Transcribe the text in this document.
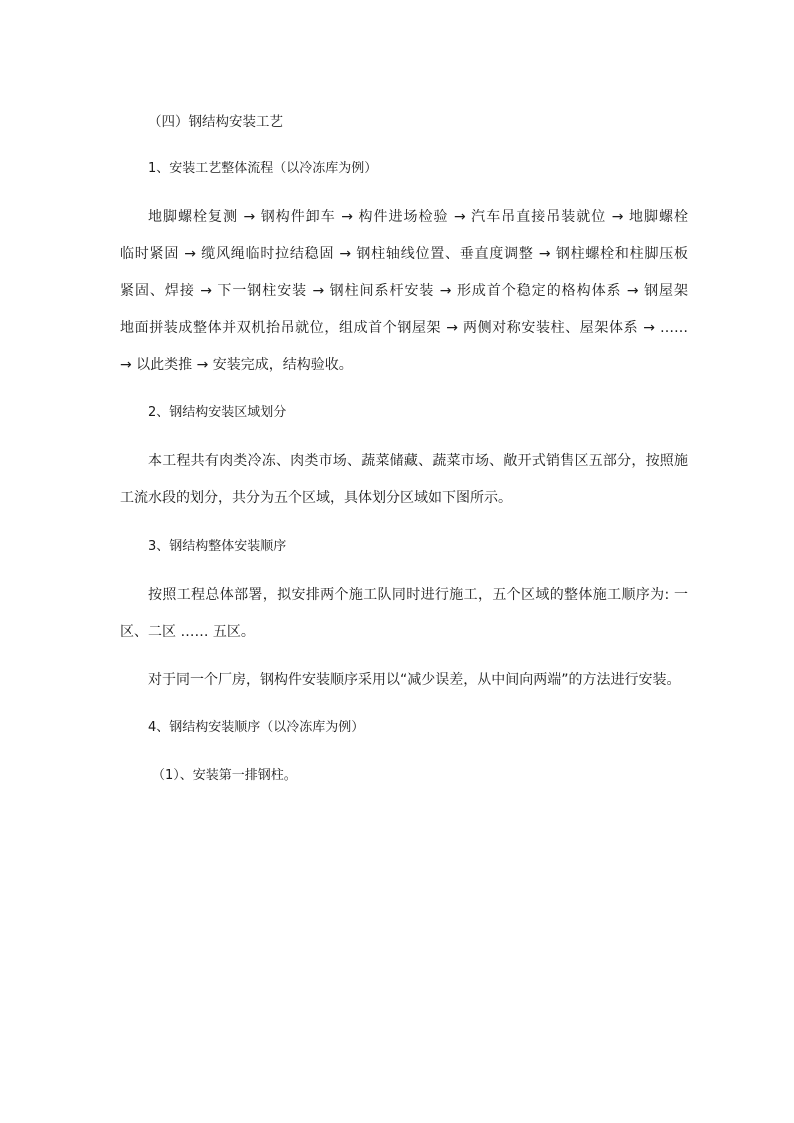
（四）钢结构安装工艺
1、安装工艺整体流程（以冷冻库为例）
地脚螺栓复测 → 钢构件卸车 → 构件进场检验 → 汽车吊直接吊装就位 → 地脚螺栓
临时紧固 → 缆风绳临时拉结稳固 → 钢柱轴线位置、垂直度调整 → 钢柱螺栓和柱脚压板
紧固、焊接 → 下一钢柱安装 → 钢柱间系杆安装 → 形成首个稳定的格构体系 → 钢屋架
地面拼装成整体并双机抬吊就位，组成首个钢屋架 → 两侧对称安装柱、屋架体系 → ……
→ 以此类推 → 安装完成，结构验收。
2、钢结构安装区域划分
本工程共有肉类冷冻、肉类市场、蔬菜储藏、蔬菜市场、敞开式销售区五部分，按照施
工流水段的划分，共分为五个区域，具体划分区域如下图所示。
3、钢结构整体安装顺序
按照工程总体部署，拟安排两个施工队同时进行施工，五个区域的整体施工顺序为: 一
区、二区 …… 五区。
对于同一个厂房，钢构件安装顺序采用以“减少误差，从中间向两端”的方法进行安装。
4、钢结构安装顺序（以冷冻库为例）
（1）、安装第一排钢柱。
